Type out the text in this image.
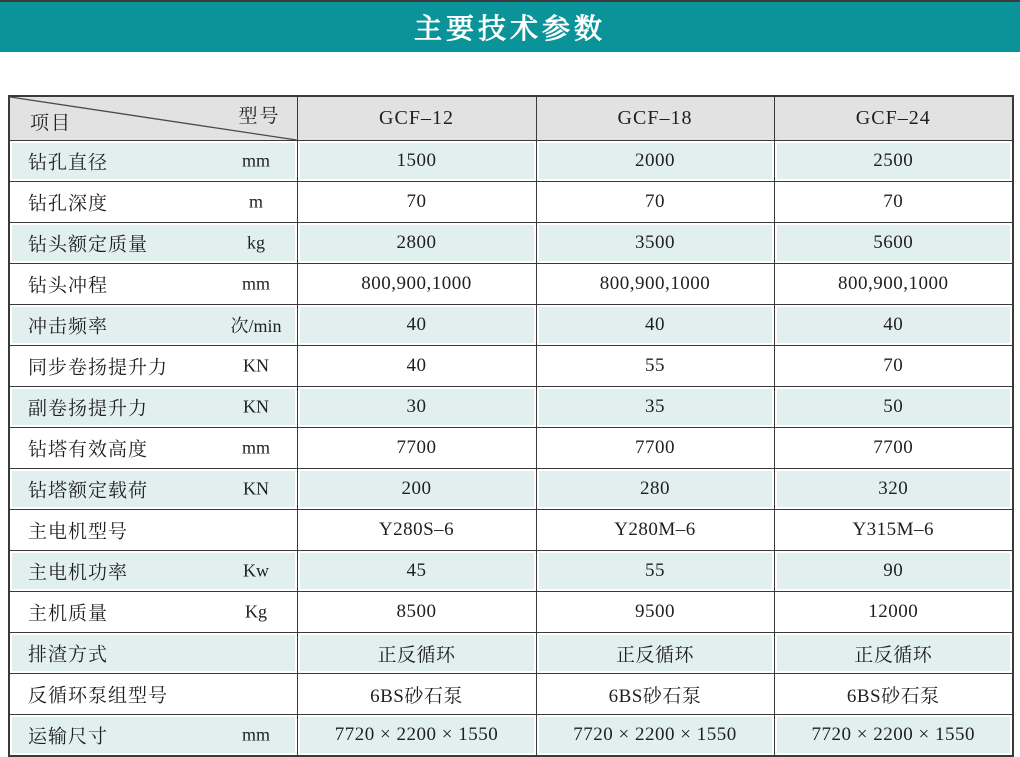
主要技术参数
项目 型号	GCF–12	GCF–18	GCF–24

钻孔直径 mm	1500	2000	2500

钻孔深度 m	70	70	70

钻头额定质量 kg	2800	3500	5600

钻头冲程 mm	800,900,1000	800,900,1000	800,900,1000

冲击频率 次/min	40	40	40

同步卷扬提升力 KN	40	55	70

副卷扬提升力 KN	30	35	50

钻塔有效高度 mm	7700	7700	7700

钻塔额定载荷 KN	200	280	320

主电机型号	Y280S–6	Y280M–6	Y315M–6

主电机功率 Kw	45	55	90

主机质量 Kg	8500	9500	12000

排渣方式	正反循环	正反循环	正反循环

反循环泵组型号	6BS砂石泵	6BS砂石泵	6BS砂石泵

运输尺寸 mm	7720 × 2200 × 1550	7720 × 2200 × 1550	7720 × 2200 × 1550
